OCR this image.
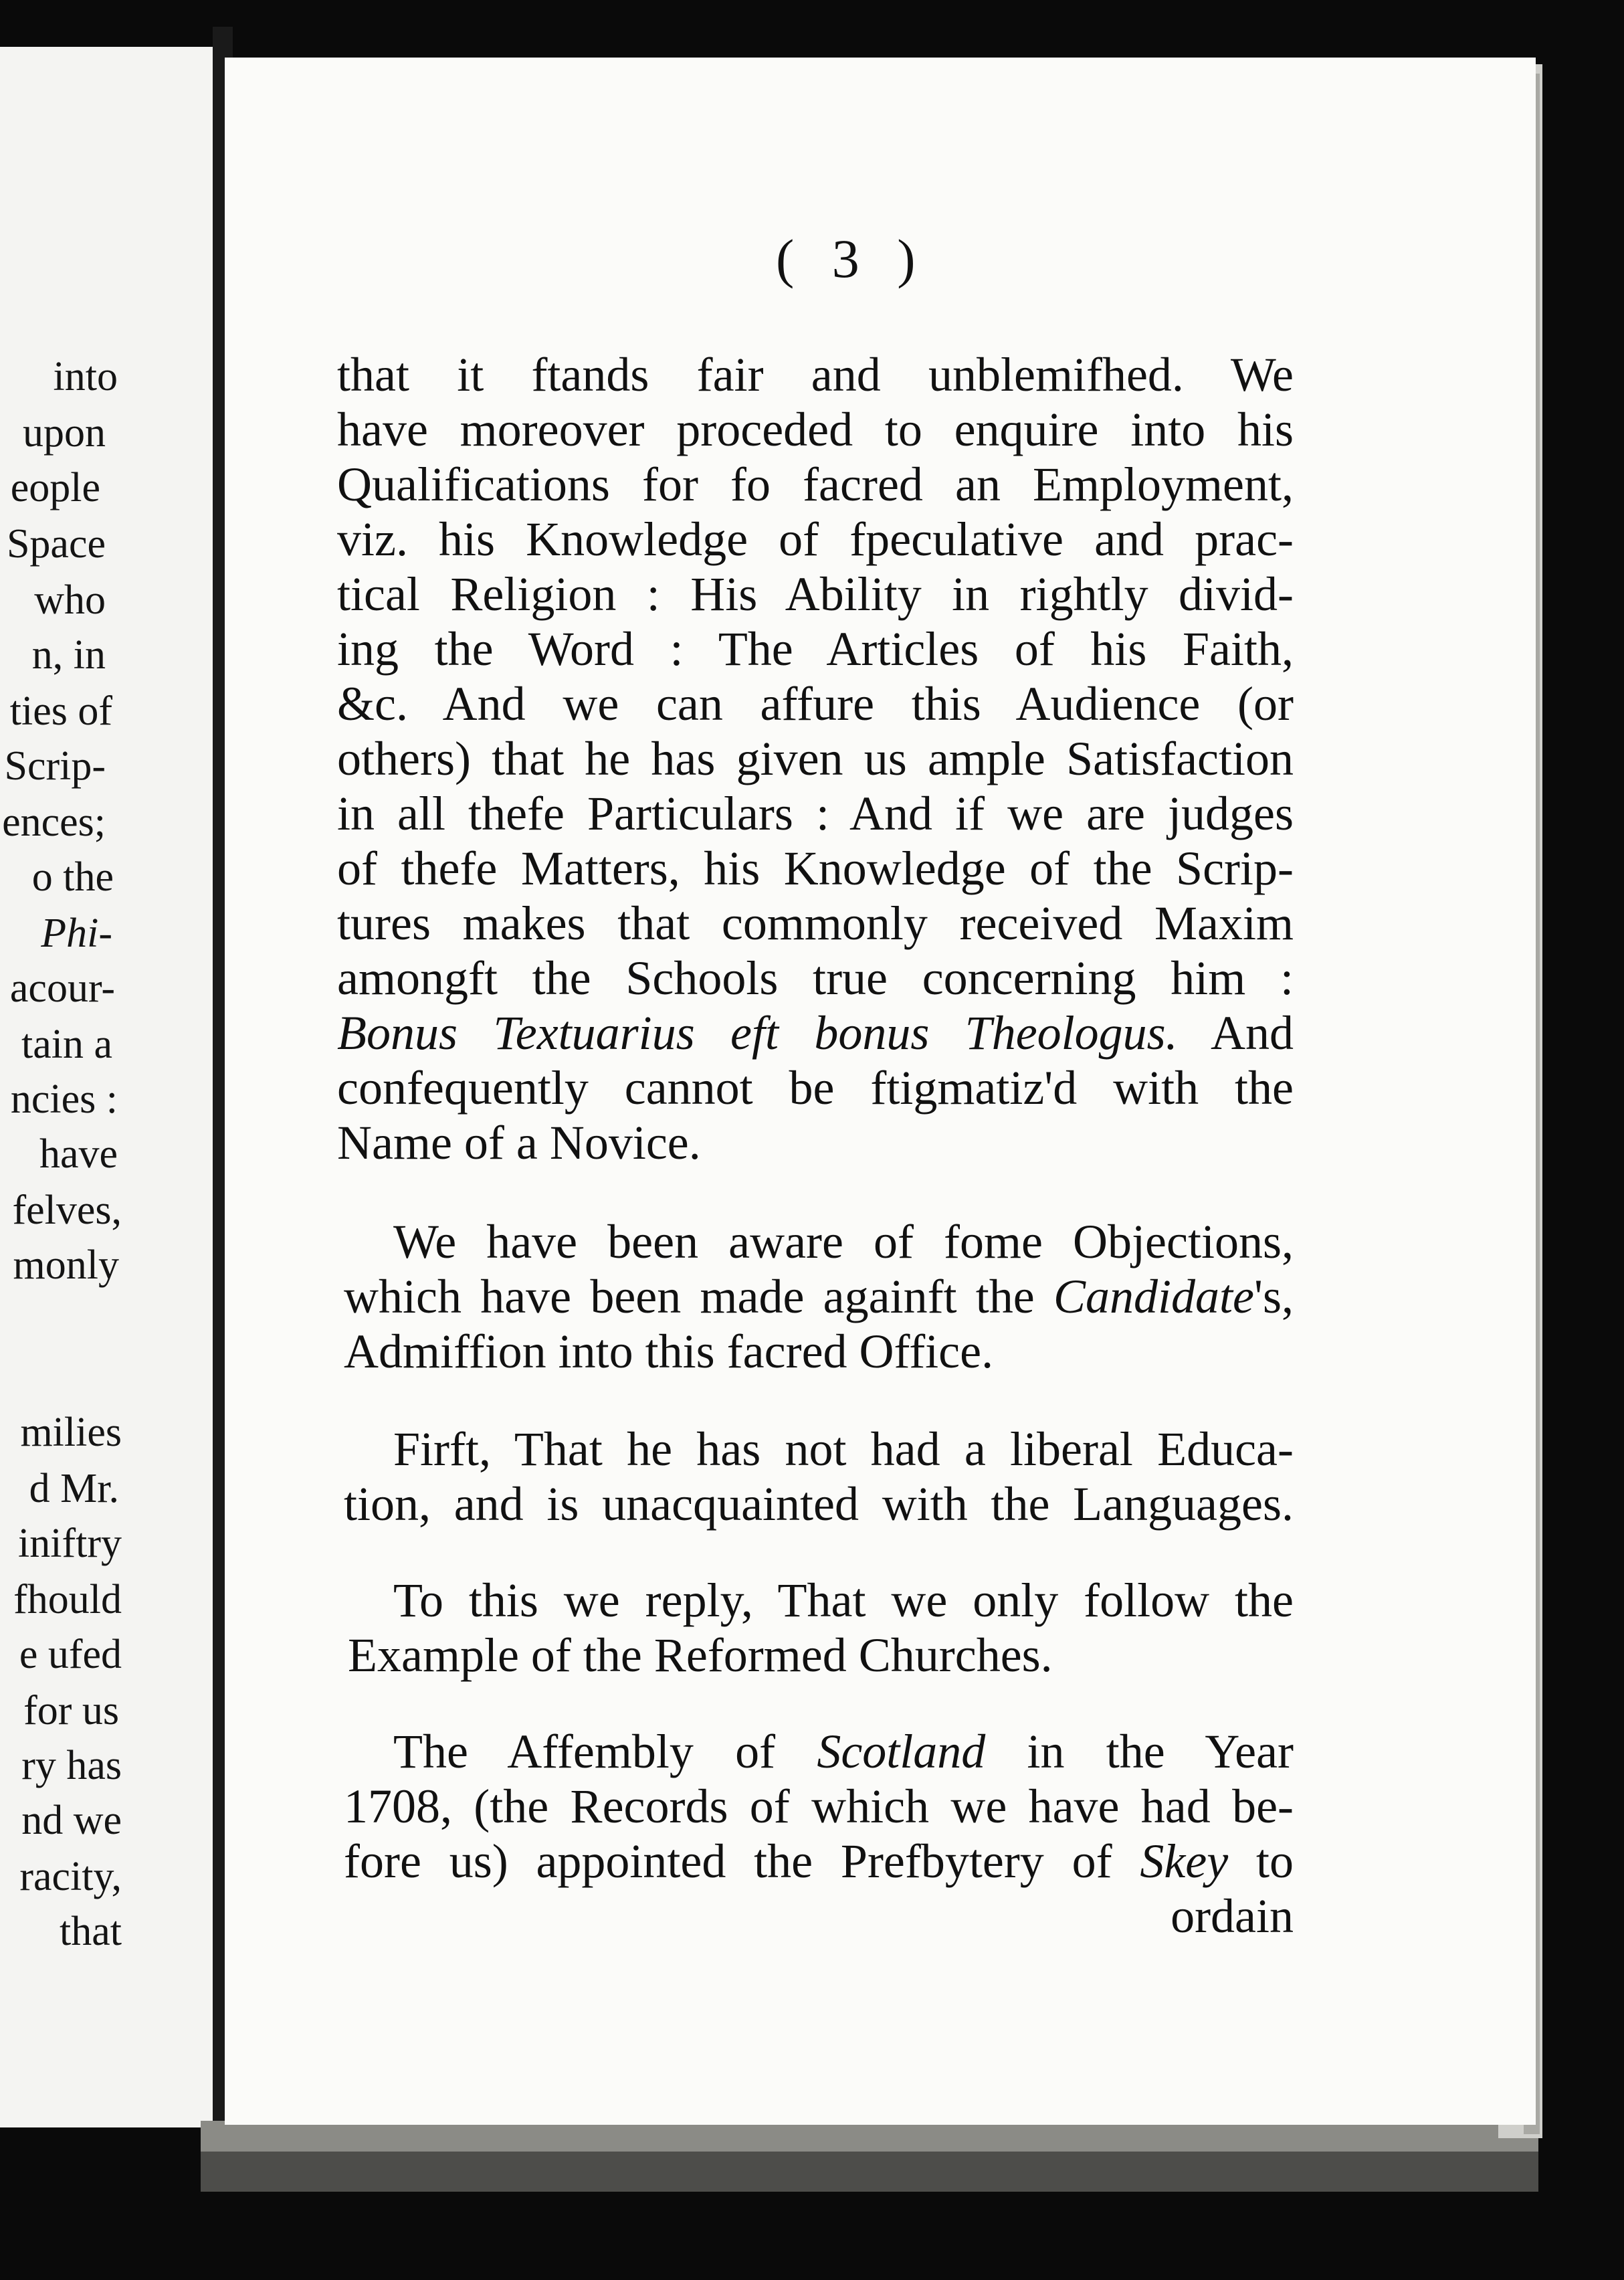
into
upon
eople
Space
who
n, in
ties of
Scrip-
ences;
o the
Phi-
acour-
tain a
ncies :
have
felves,
monly
milies
d Mr.
iniftry
fhould
e ufed
for us
ry has
nd we
racity,
that
( 3 )
that it ftands fair and unblemifhed. We
have moreover proceded to enquire into his
Qualifications for fo facred an Employment,
viz. his Knowledge of fpeculative and prac-
tical Religion : His Ability in rightly divid-
ing the Word : The Articles of his Faith,
&c. And we can affure this Audience (or
others) that he has given us ample Satisfaction
in all thefe Particulars : And if we are judges
of thefe Matters, his Knowledge of the Scrip-
tures makes that commonly received Maxim
amongft the Schools true concerning him :
Bonus Textuarius eft bonus Theologus. And
confequently cannot be ftigmatiz'd with the
Name of a Novice.
We have been aware of fome Objections,
which have been made againft the Candidate's,
Admiffion into this facred Office.
Firft, That he has not had a liberal Educa-
tion, and is unacquainted with the Languages.
To this we reply, That we only follow the
Example of the Reformed Churches.
The Affembly of Scotland in the Year
1708, (the Records of which we have had be-
fore us) appointed the Prefbytery of Skey to
ordain
